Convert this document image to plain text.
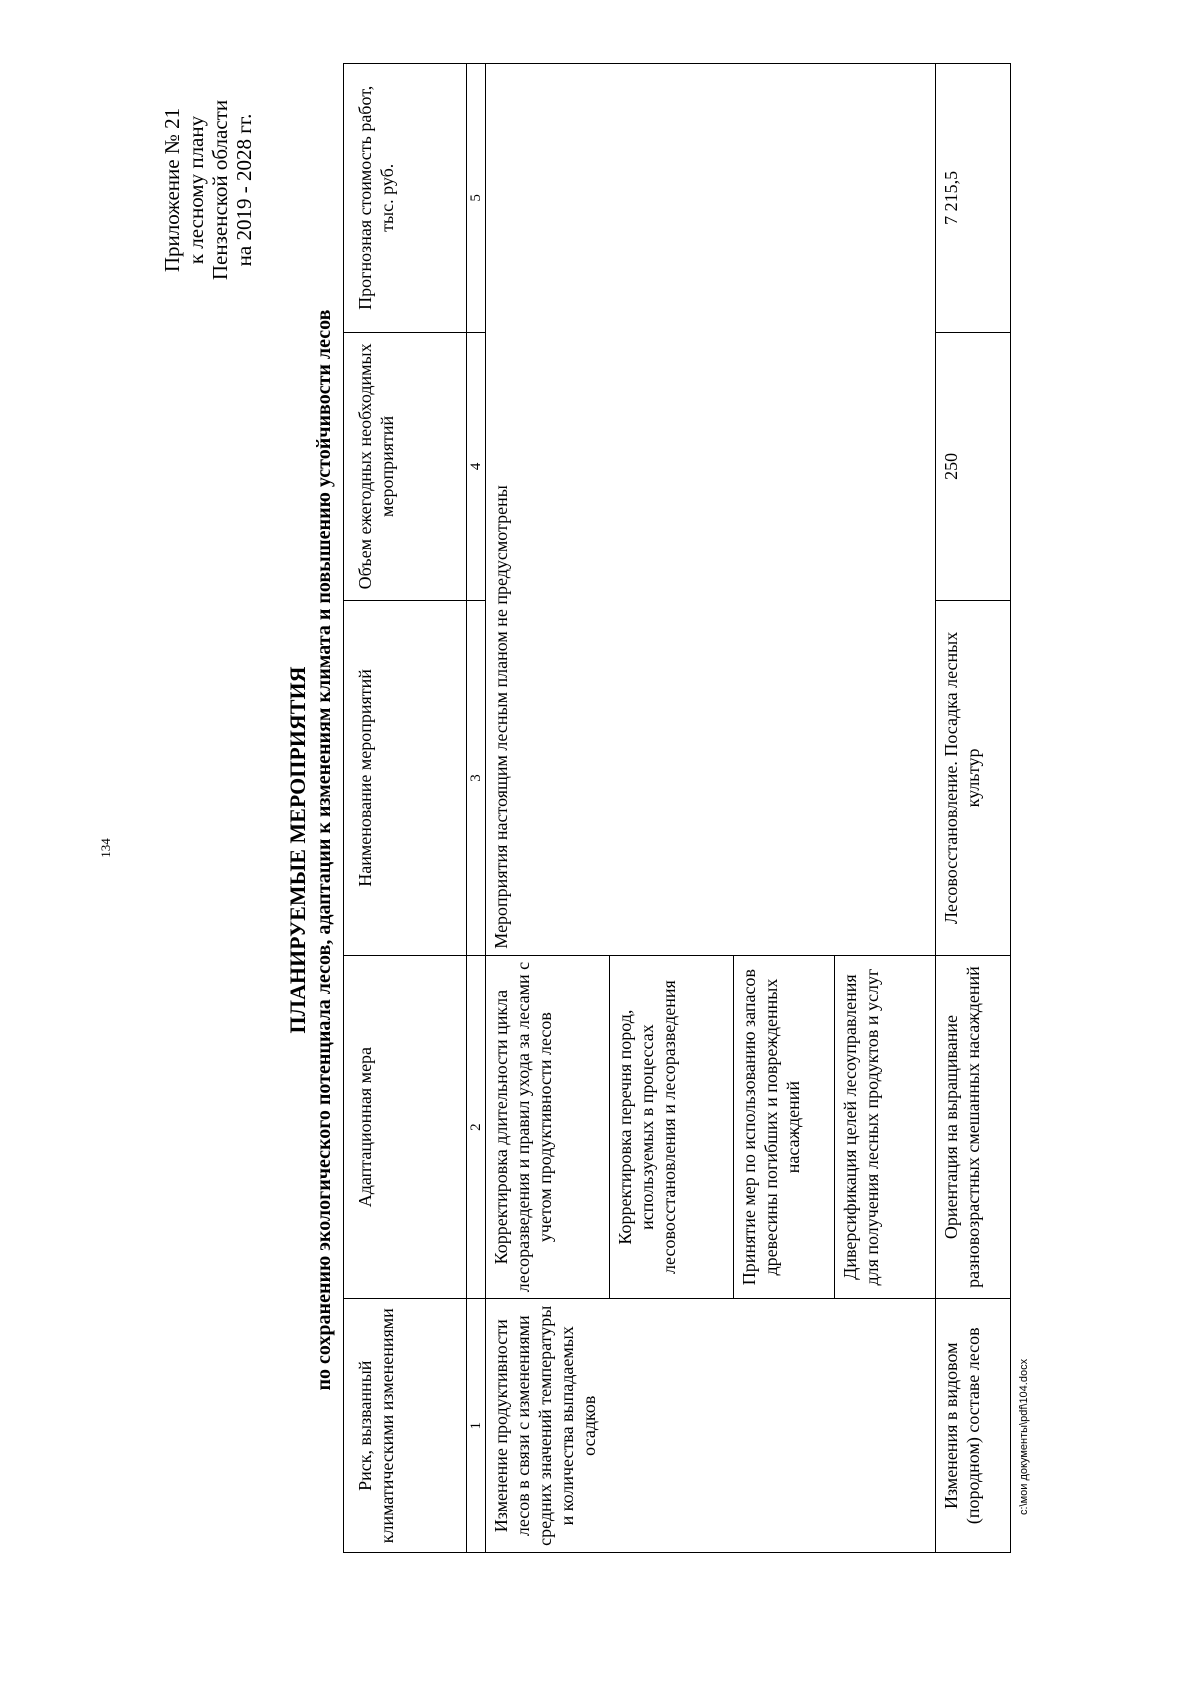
134
c:\мои документы\pdf\104.docx
Приложение № 21 к лесному плану Пензенской области на 2019 - 2028 гг.
ПЛАНИРУЕМЫЕ МЕРОПРИЯТИЯ по сохранению экологического потенциала лесов, адаптации к изменениям климата и повышению устойчивости лесов
Риск, вызванный климатическими изменениями	Адаптационная мера	Наименование мероприятий	Объем ежегодных необходимых мероприятий	Прогнозная стоимость работ, тыс. руб.
1	2	3	4	5
Изменение продуктивности лесов в связи с изменениями средних значений температуры и количества выпадаемых осадков	Корректировка длительности цикла лесоразведения и правил ухода за лесами с учетом продуктивности лесов	Мероприятия настоящим лесным планом не предусмотрены		
	Корректировка перечня пород, используемых в процессах лесовосстановления и лесоразведения			
	Принятие мер по использованию запасов древесины погибших и поврежденных насаждений			
	Диверсификация целей лесоуправления для получения лесных продуктов и услуг			
Изменения в видовом (породном) составе лесов	Ориентация на выращивание разновозрастных смешанных насаждений	Лесовосстановление. Посадка лесных культур	250	7 215,5
